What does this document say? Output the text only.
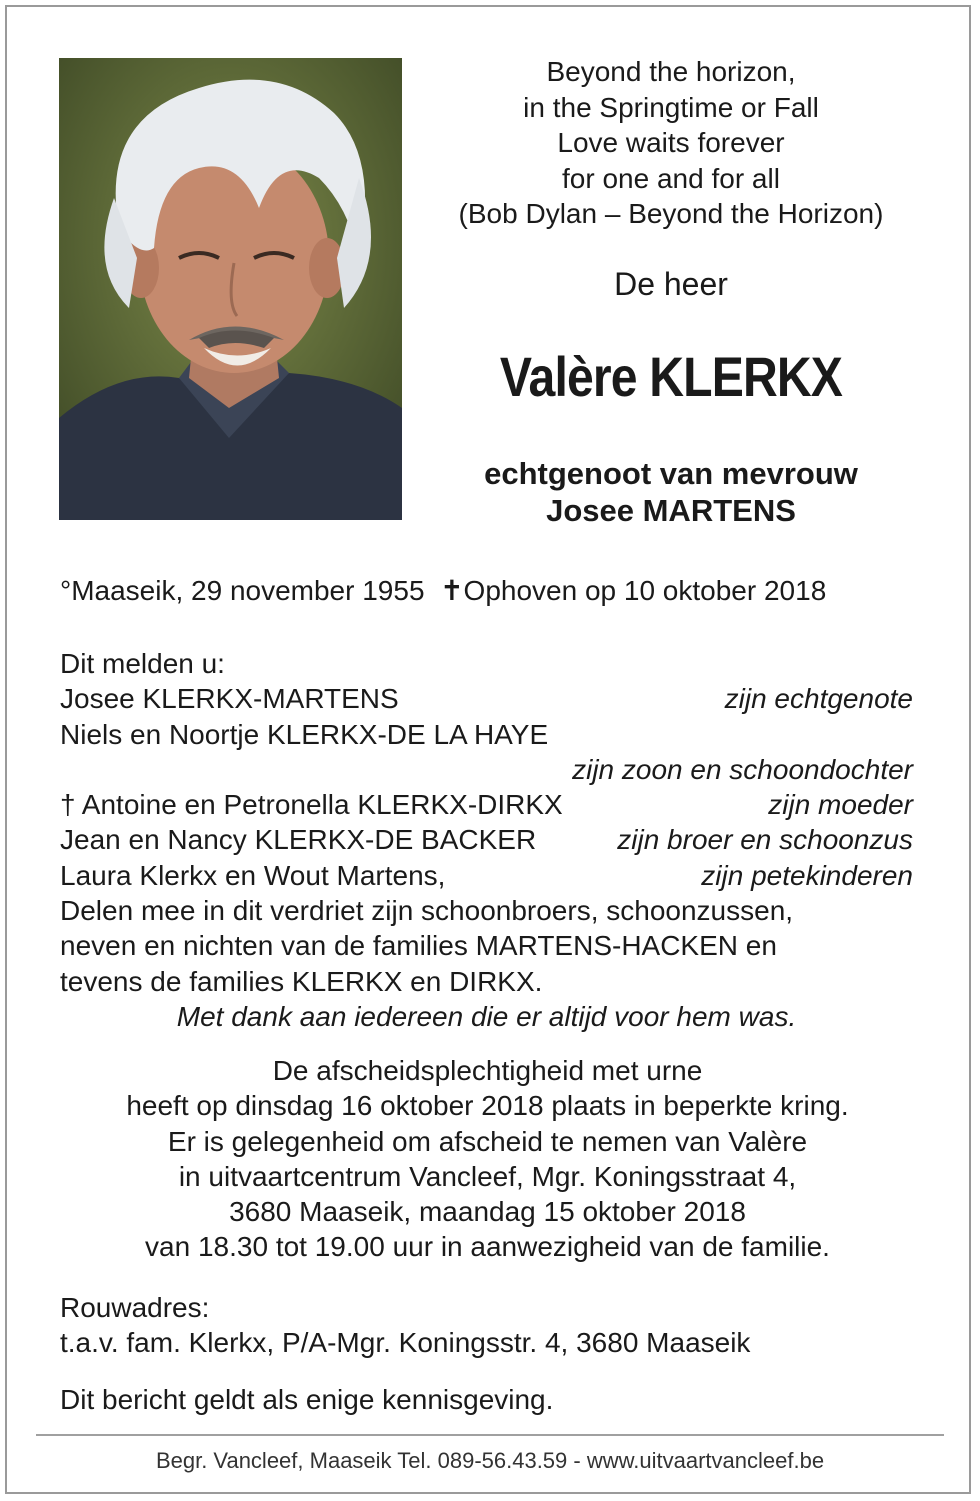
Beyond the horizon,
in the Springtime or Fall
Love waits forever
for one and for all
(Bob Dylan – Beyond the Horizon)
De heer
Valère KLERKX
echtgenoot van mevrouw
Josee MARTENS
°Maaseik, 29 november 1955  ✝Ophoven op 10 oktober 2018
Dit melden u:
Josee KLERKX-MARTENS	zijn echtgenote
Niels en Noortje KLERKX-DE LA HAYE
zijn zoon en schoondochter
† Antoine en Petronella KLERKX-DIRKX	zijn moeder
Jean en Nancy KLERKX-DE BACKER	zijn broer en schoonzus
Laura Klerkx en Wout Martens,	zijn petekinderen
Delen mee in dit verdriet zijn schoonbroers, schoonzussen,
neven en nichten van de families MARTENS-HACKEN en
tevens de families KLERKX en DIRKX.
Met dank aan iedereen die er altijd voor hem was.
De afscheidsplechtigheid met urne
heeft op dinsdag 16 oktober 2018 plaats in beperkte kring.
Er is gelegenheid om afscheid te nemen van Valère
in uitvaartcentrum Vancleef, Mgr. Koningsstraat 4,
3680 Maaseik, maandag 15 oktober 2018
van 18.30 tot 19.00 uur in aanwezigheid van de familie.
Rouwadres:
t.a.v. fam. Klerkx, P/A-Mgr. Koningsstr. 4, 3680 Maaseik
Dit bericht geldt als enige kennisgeving.
Begr. Vancleef, Maaseik Tel. 089-56.43.59 - www.uitvaartvancleef.be
